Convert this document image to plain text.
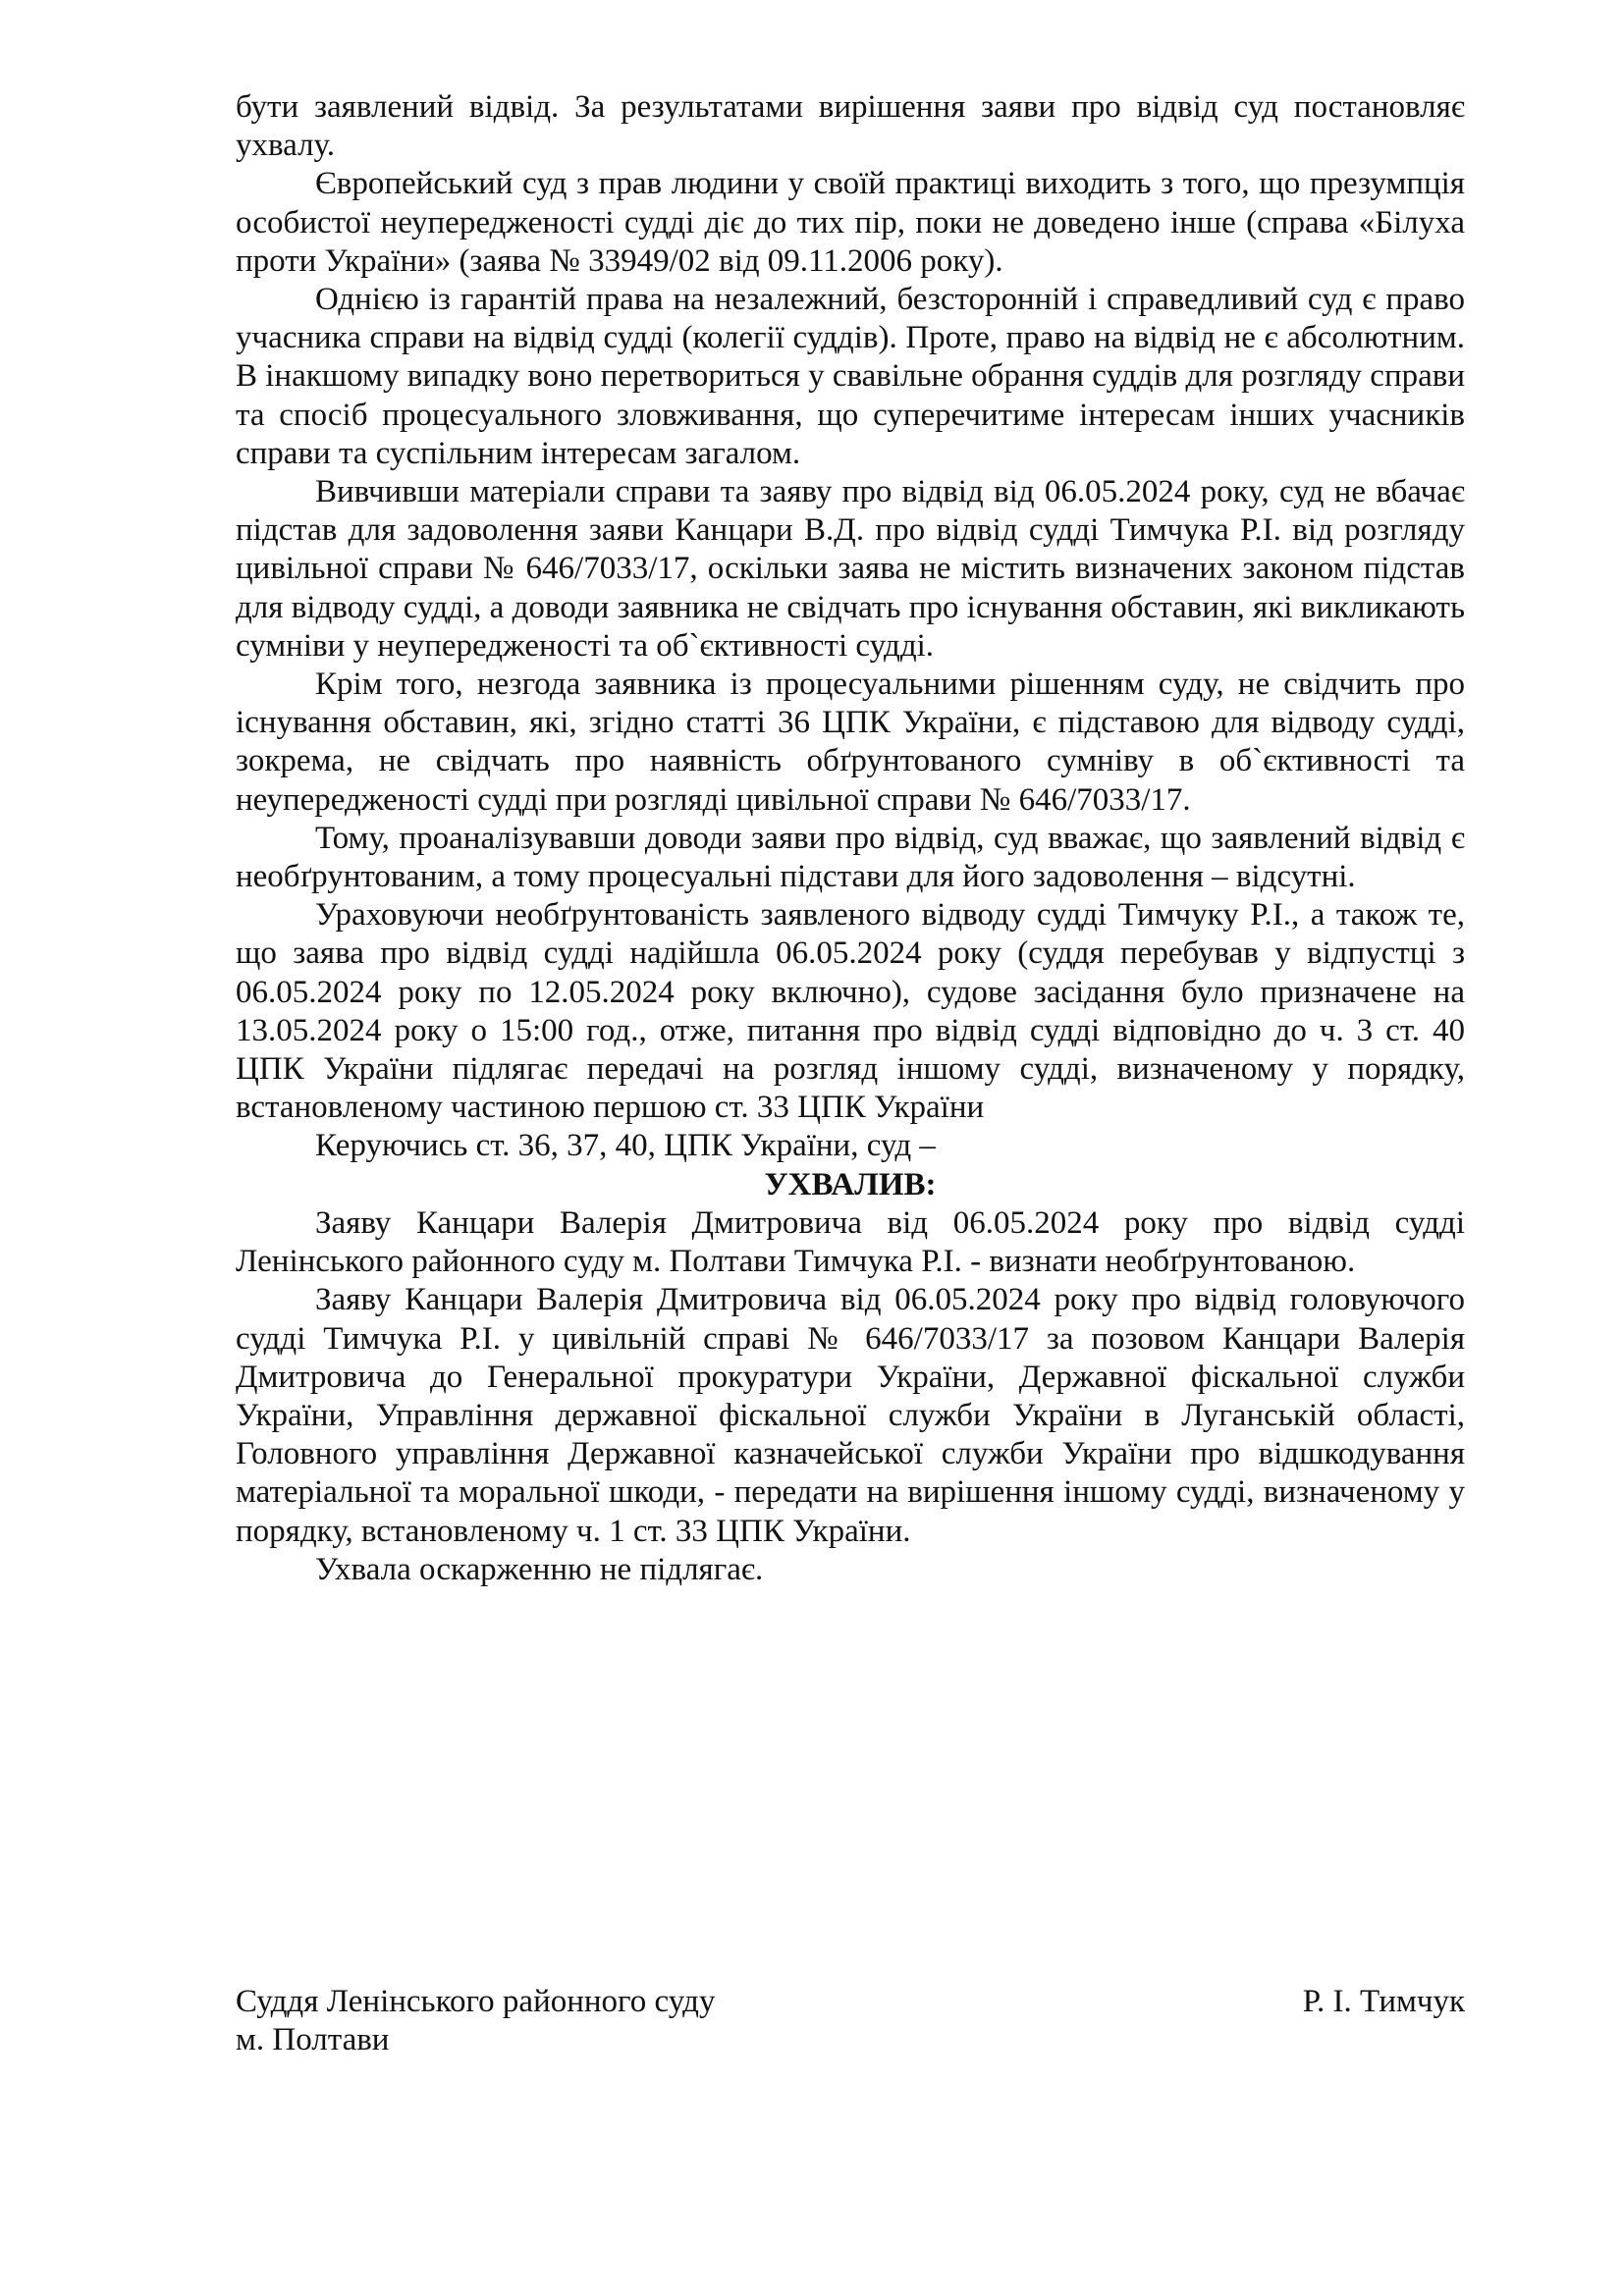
бути заявлений відвід. За результатами вирішення заяви про відвід суд постановляє ухвалу.

Європейський суд з прав людини у своїй практиці виходить з того, що презумпція особистої неупередженості судді діє до тих пір, поки не доведено інше (справа «Білуха проти України» (заява № 33949/02 від 09.11.2006 року).

Однією із гарантій права на незалежний, безсторонній і справедливий суд є право учасника справи на відвід судді (колегії суддів). Проте, право на відвід не є абсолютним. В інакшому випадку воно перетвориться у свавільне обрання суддів для розгляду справи та спосіб процесуального зловживання, що суперечитиме інтересам інших учасників справи та суспільним інтересам загалом.

Вивчивши матеріали справи та заяву про відвід від 06.05.2024 року, суд не вбачає підстав для задоволення заяви Канцари В.Д. про відвід судді Тимчука Р.І. від розгляду цивільної справи № 646/7033/17, оскільки заява не містить визначених законом підстав для відводу судді, а доводи заявника не свідчать про існування обставин, які викликають сумніви у неупередженості та об`єктивності судді.

Крім того, незгода заявника із процесуальними рішенням суду, не свідчить про існування обставин, які, згідно статті 36 ЦПК України, є підставою для відводу судді, зокрема, не свідчать про наявність обґрунтованого сумніву в об`єктивності та неупередженості судді при розгляді цивільної справи № 646/7033/17.

Тому, проаналізувавши доводи заяви про відвід, суд вважає, що заявлений відвід є необґрунтованим, а тому процесуальні підстави для його задоволення – відсутні.

Ураховуючи необґрунтованість заявленого відводу судді Тимчуку Р.І., а також те, що заява про відвід судді надійшла 06.05.2024 року (суддя перебував у відпустці з 06.05.2024 року по 12.05.2024 року включно), судове засідання було призначене на 13.05.2024 року о 15:00 год., отже, питання про відвід судді відповідно до ч. 3 ст. 40 ЦПК України підлягає передачі на розгляд іншому судді, визначеному у порядку, встановленому частиною першою ст. 33 ЦПК України

Керуючись ст. 36, 37, 40, ЦПК України, суд –

УХВАЛИВ:

Заяву Канцари Валерія Дмитровича від 06.05.2024 року про відвід судді Ленінського районного суду м. Полтави Тимчука Р.І. - визнати необґрунтованою.

Заяву Канцари Валерія Дмитровича від 06.05.2024 року про відвід головуючого судді Тимчука Р.І. у цивільній справі № 646/7033/17 за позовом Канцари Валерія Дмитровича до Генеральної прокуратури України, Державної фіскальної служби України, Управління державної фіскальної служби України в Луганській області, Головного управління Державної казначейської служби України про відшкодування матеріальної та моральної шкоди, - передати на вирішення іншому судді, визначеному у порядку, встановленому ч. 1 ст. 33 ЦПК України.

Ухвала оскарженню не підлягає.

Суддя Ленінського районного суду
м. Полтави
Р. І. Тимчук
